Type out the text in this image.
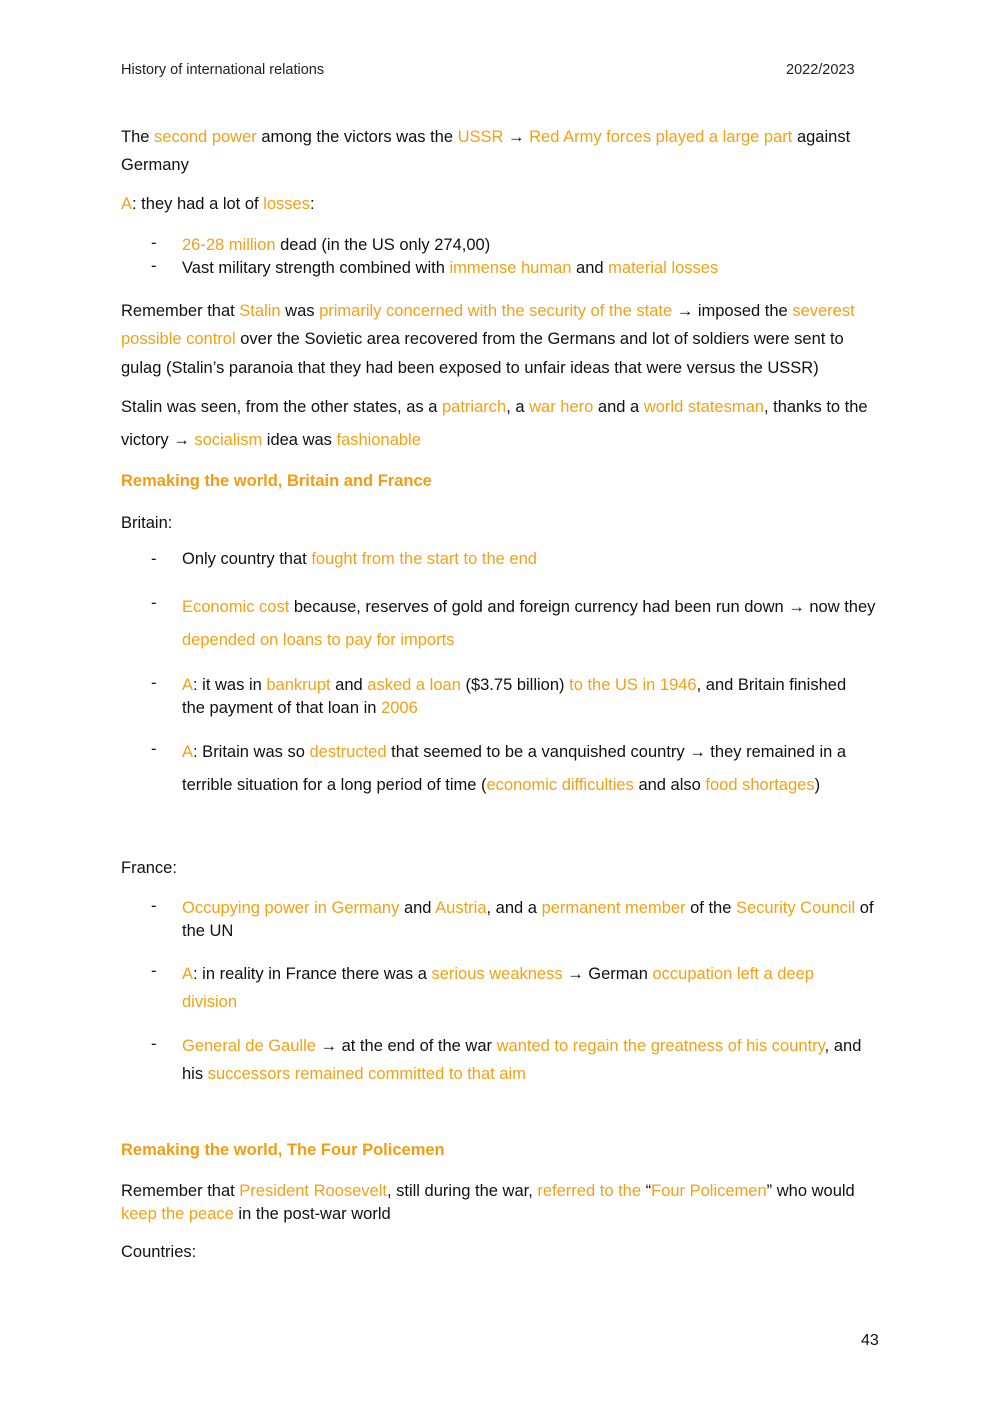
History of international relations	2022/2023

The second power among the victors was the USSR → Red Army forces played a large part against Germany

A: they had a lot of losses:

- 26-28 million dead (in the US only 274,00)

- Vast military strength combined with immense human and material losses

Remember that Stalin was primarily concerned with the security of the state → imposed the severest possible control over the Sovietic area recovered from the Germans and lot of soldiers were sent to gulag (Stalin’s paranoia that they had been exposed to unfair ideas that were versus the USSR)

Stalin was seen, from the other states, as a patriarch, a war hero and a world statesman, thanks to the victory → socialism idea was fashionable

Remaking the world, Britain and France
Britain:
- Only country that fought from the start to the end

- Economic cost because, reserves of gold and foreign currency had been run down → now they depended on loans to pay for imports

- A: it was in bankrupt and asked a loan ($3.75 billion) to the US in 1946, and Britain finished the payment of that loan in 2006

- A: Britain was so destructed that seemed to be a vanquished country → they remained in a terrible situation for a long period of time (economic difficulties and also food shortages)

France:
- Occupying power in Germany and Austria, and a permanent member of the Security Council of the UN

- A: in reality in France there was a serious weakness → German occupation left a deep division

- General de Gaulle → at the end of the war wanted to regain the greatness of his country, and his successors remained committed to that aim

Remaking the world, The Four Policemen

Remember that President Roosevelt, still during the war, referred to the “Four Policemen” who would keep the peace in the post-war world

Countries:
43
